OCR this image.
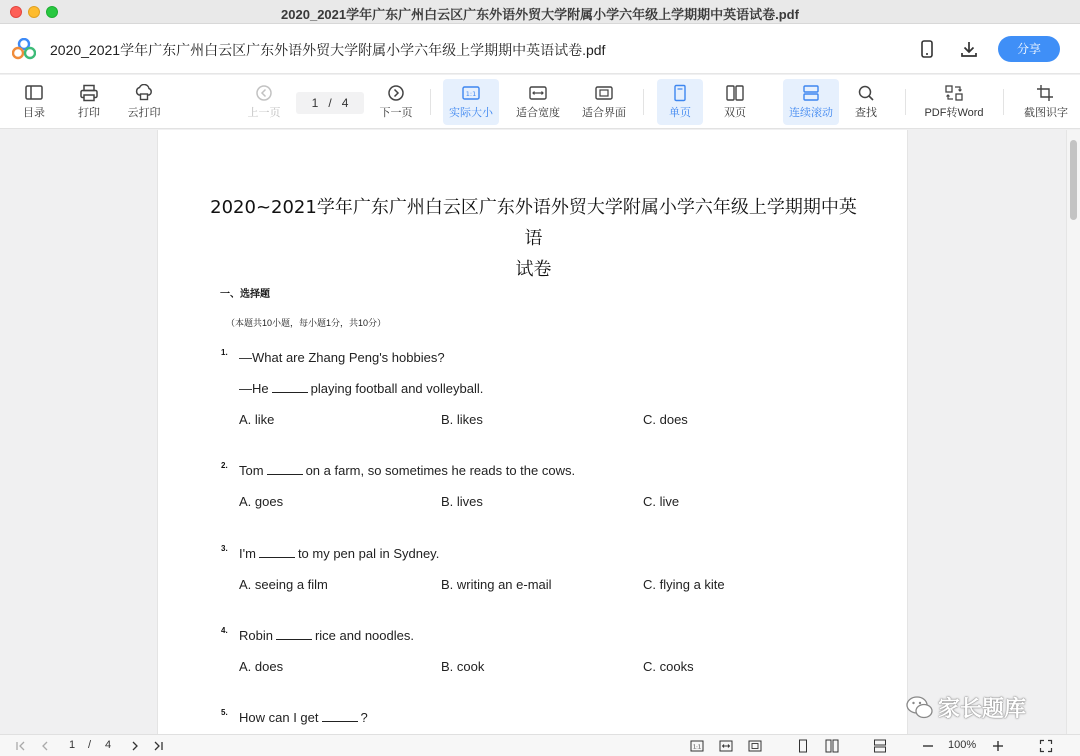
2020_2021学年广东广州白云区广东外语外贸大学附属小学六年级上学期期中英语试卷.pdf
2020_2021学年广东广州白云区广东外语外贸大学附属小学六年级上学期期中英语试卷.pdf	分享
目录	打印	云打印	上一页
1 / 4
下一页
1:1
实际大小	适合宽度	适合界面	单页	双页	连续滚动	查找	PDF转Word	截图识字
2020~2021学年广东广州白云区广东外语外贸大学附属小学六年级上学期期中英语
试卷
一、选择题
（本题共10小题，每小题1分，共10分）
1. —What are Zhang Peng's hobbies?
—He	playing football and volleyball.
A. like	B. likes	C. does
2. Tom	on a farm, so sometimes he reads to the cows.
A. goes	B. lives	C. live
3. I'm	to my pen pal in Sydney.
A. seeing a film	B. writing an e-mail	C. flying a kite
4. Robin	rice and noodles.
A. does	B. cook	C. cooks
5. How can I get	?	家长题库
1 / 4	1:1	100%
